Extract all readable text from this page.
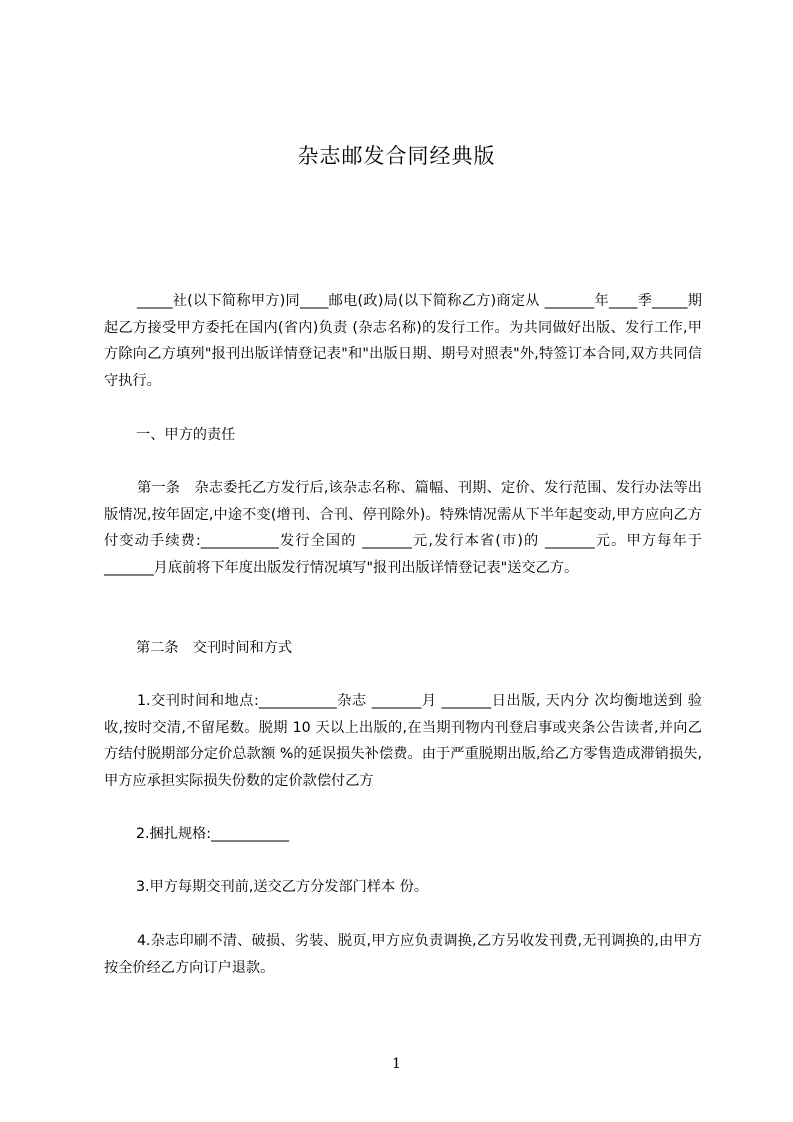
杂志邮发合同经典版

_____社(以下简称甲方)同____邮电(政)局(以下简称乙方)商定从 _______年____季_____期起乙方接受甲方委托在国内(省内)负责 (杂志名称)的发行工作。为共同做好出版、发行工作,甲方除向乙方填列"报刊出版详情登记表"和"出版日期、期号对照表"外,特签订本合同,双方共同信守执行。

一、甲方的责任

第一条　杂志委托乙方发行后,该杂志名称、篇幅、刊期、定价、发行范围、发行办法等出版情况,按年固定,中途不变(增刊、合刊、停刊除外)。特殊情况需从下半年起变动,甲方应向乙方付变动手续费:___________发行全国的 _______元,发行本省(市)的 _______元。甲方每年于 _______月底前将下年度出版发行情况填写"报刊出版详情登记表"送交乙方。

第二条　交刊时间和方式

1.交刊时间和地点:___________杂志 _______月 _______日出版, 天内分 次均衡地送到 验收,按时交清,不留尾数。脱期 10 天以上出版的,在当期刊物内刊登启事或夹条公告读者,并向乙方结付脱期部分定价总款额 %的延误损失补偿费。由于严重脱期出版,给乙方零售造成滞销损失,甲方应承担实际损失份数的定价款偿付乙方

2.捆扎规格:___________

3.甲方每期交刊前,送交乙方分发部门样本 份。

4.杂志印刷不清、破损、劣装、脱页,甲方应负责调换,乙方另收发刊费,无刊调换的,由甲方按全价经乙方向订户退款。

1
